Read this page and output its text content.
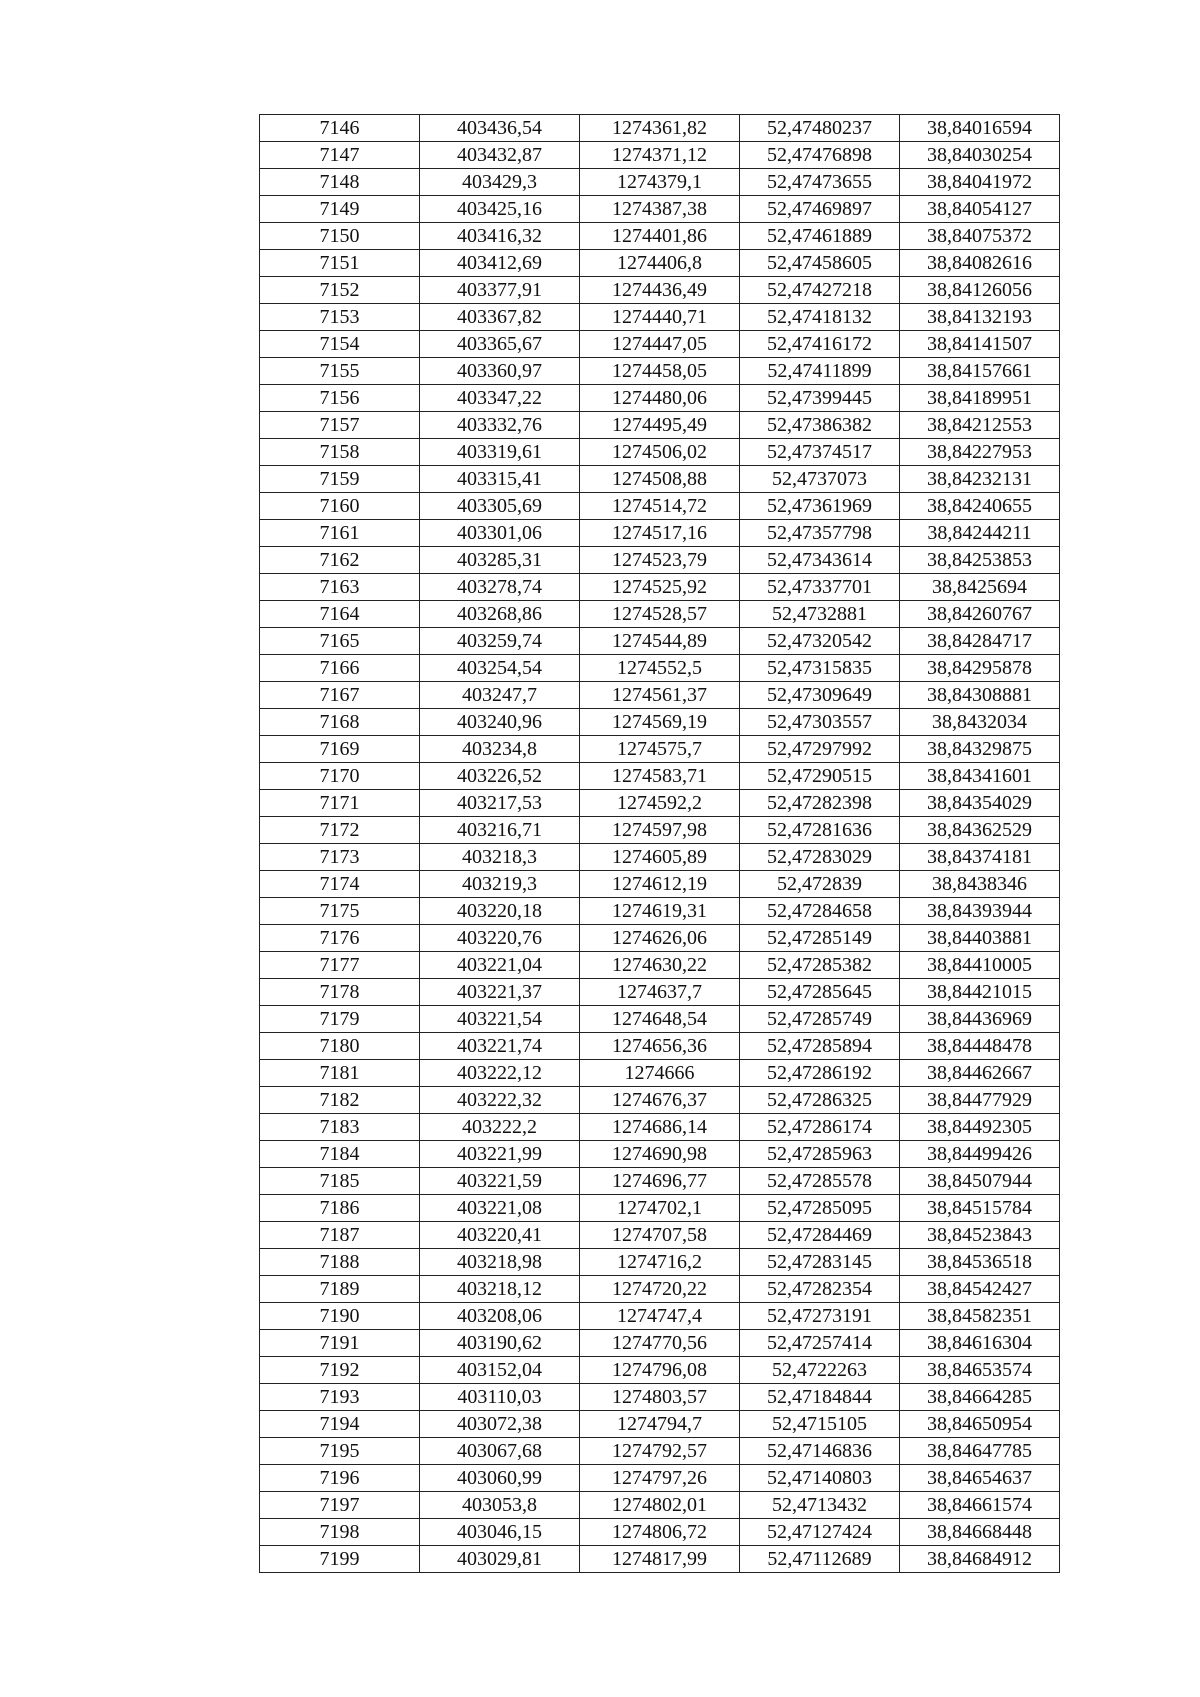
7146	403436,54	1274361,82	52,47480237	38,84016594
7147	403432,87	1274371,12	52,47476898	38,84030254
7148	403429,3	1274379,1	52,47473655	38,84041972
7149	403425,16	1274387,38	52,47469897	38,84054127
7150	403416,32	1274401,86	52,47461889	38,84075372
7151	403412,69	1274406,8	52,47458605	38,84082616
7152	403377,91	1274436,49	52,47427218	38,84126056
7153	403367,82	1274440,71	52,47418132	38,84132193
7154	403365,67	1274447,05	52,47416172	38,84141507
7155	403360,97	1274458,05	52,47411899	38,84157661
7156	403347,22	1274480,06	52,47399445	38,84189951
7157	403332,76	1274495,49	52,47386382	38,84212553
7158	403319,61	1274506,02	52,47374517	38,84227953
7159	403315,41	1274508,88	52,4737073	38,84232131
7160	403305,69	1274514,72	52,47361969	38,84240655
7161	403301,06	1274517,16	52,47357798	38,84244211
7162	403285,31	1274523,79	52,47343614	38,84253853
7163	403278,74	1274525,92	52,47337701	38,8425694
7164	403268,86	1274528,57	52,4732881	38,84260767
7165	403259,74	1274544,89	52,47320542	38,84284717
7166	403254,54	1274552,5	52,47315835	38,84295878
7167	403247,7	1274561,37	52,47309649	38,84308881
7168	403240,96	1274569,19	52,47303557	38,8432034
7169	403234,8	1274575,7	52,47297992	38,84329875
7170	403226,52	1274583,71	52,47290515	38,84341601
7171	403217,53	1274592,2	52,47282398	38,84354029
7172	403216,71	1274597,98	52,47281636	38,84362529
7173	403218,3	1274605,89	52,47283029	38,84374181
7174	403219,3	1274612,19	52,472839	38,8438346
7175	403220,18	1274619,31	52,47284658	38,84393944
7176	403220,76	1274626,06	52,47285149	38,84403881
7177	403221,04	1274630,22	52,47285382	38,84410005
7178	403221,37	1274637,7	52,47285645	38,84421015
7179	403221,54	1274648,54	52,47285749	38,84436969
7180	403221,74	1274656,36	52,47285894	38,84448478
7181	403222,12	1274666	52,47286192	38,84462667
7182	403222,32	1274676,37	52,47286325	38,84477929
7183	403222,2	1274686,14	52,47286174	38,84492305
7184	403221,99	1274690,98	52,47285963	38,84499426
7185	403221,59	1274696,77	52,47285578	38,84507944
7186	403221,08	1274702,1	52,47285095	38,84515784
7187	403220,41	1274707,58	52,47284469	38,84523843
7188	403218,98	1274716,2	52,47283145	38,84536518
7189	403218,12	1274720,22	52,47282354	38,84542427
7190	403208,06	1274747,4	52,47273191	38,84582351
7191	403190,62	1274770,56	52,47257414	38,84616304
7192	403152,04	1274796,08	52,4722263	38,84653574
7193	403110,03	1274803,57	52,47184844	38,84664285
7194	403072,38	1274794,7	52,4715105	38,84650954
7195	403067,68	1274792,57	52,47146836	38,84647785
7196	403060,99	1274797,26	52,47140803	38,84654637
7197	403053,8	1274802,01	52,4713432	38,84661574
7198	403046,15	1274806,72	52,47127424	38,84668448
7199	403029,81	1274817,99	52,47112689	38,84684912
